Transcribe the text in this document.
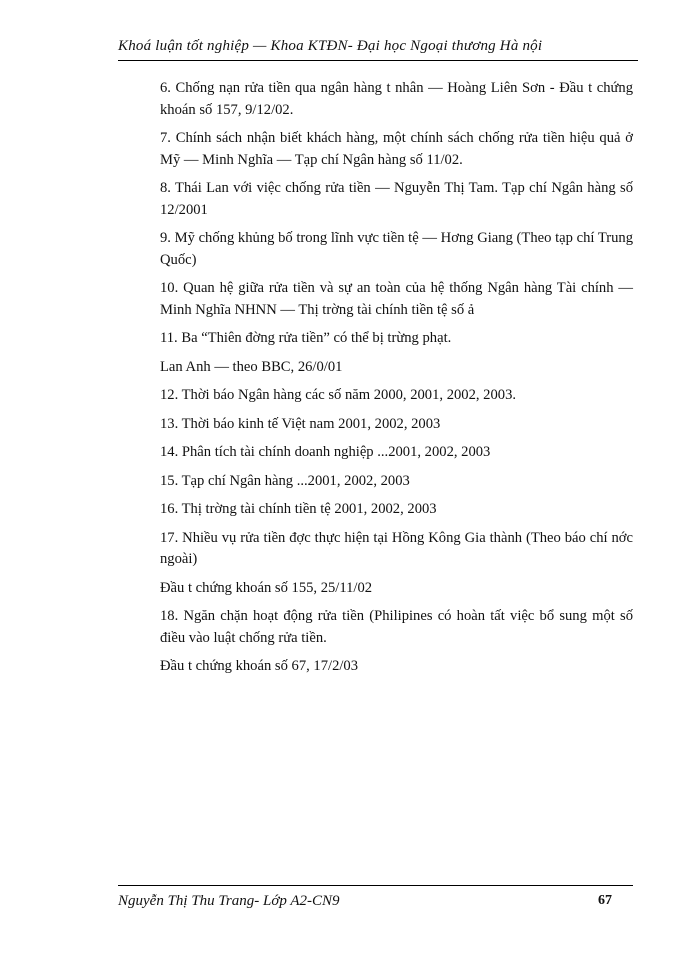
Khoá luận tốt nghiệp — Khoa KTĐN- Đại học Ngoại thương Hà nội

6. Chống nạn rửa tiền qua ngân hàng t nhân — Hoàng Liên Sơn - Đầu t chứng khoán số 157, 9/12/02.

7. Chính sách nhận biết khách hàng, một chính sách chống rửa tiền hiệu quả ở Mỹ — Minh Nghĩa — Tạp chí Ngân hàng số 11/02.

8. Thái Lan với việc chống rửa tiền — Nguyễn Thị Tam. Tạp chí Ngân hàng số 12/2001

9. Mỹ chống khủng bố trong lĩnh vực tiền tệ — Hơng Giang (Theo tạp chí Trung Quốc)

10. Quan hệ giữa rửa tiền và sự an toàn của hệ thống Ngân hàng Tài chính — Minh Nghĩa NHNN — Thị trờng tài chính tiền tệ số ả

11. Ba “Thiên đờng rửa tiền” có thể bị trừng phạt.

Lan Anh — theo BBC, 26/0/01

12. Thời báo Ngân hàng các số năm 2000, 2001, 2002, 2003.

13. Thời báo kinh tế Việt nam 2001, 2002, 2003

14. Phân tích tài chính doanh nghiệp ...2001, 2002, 2003

15. Tạp chí Ngân hàng ...2001, 2002, 2003

16. Thị trờng tài chính tiền tệ 2001, 2002, 2003

17. Nhiều vụ rửa tiền đợc thực hiện tại Hồng Kông Gia thành (Theo báo chí nớc ngoài)

Đầu t chứng khoán số 155, 25/11/02

18. Ngăn chặn hoạt động rửa tiền (Philipines có hoàn tất việc bổ sung một số điều vào luật chống rửa tiền.

Đầu t chứng khoán số 67, 17/2/03

Nguyễn Thị Thu Trang- Lớp A2-CN9	67
